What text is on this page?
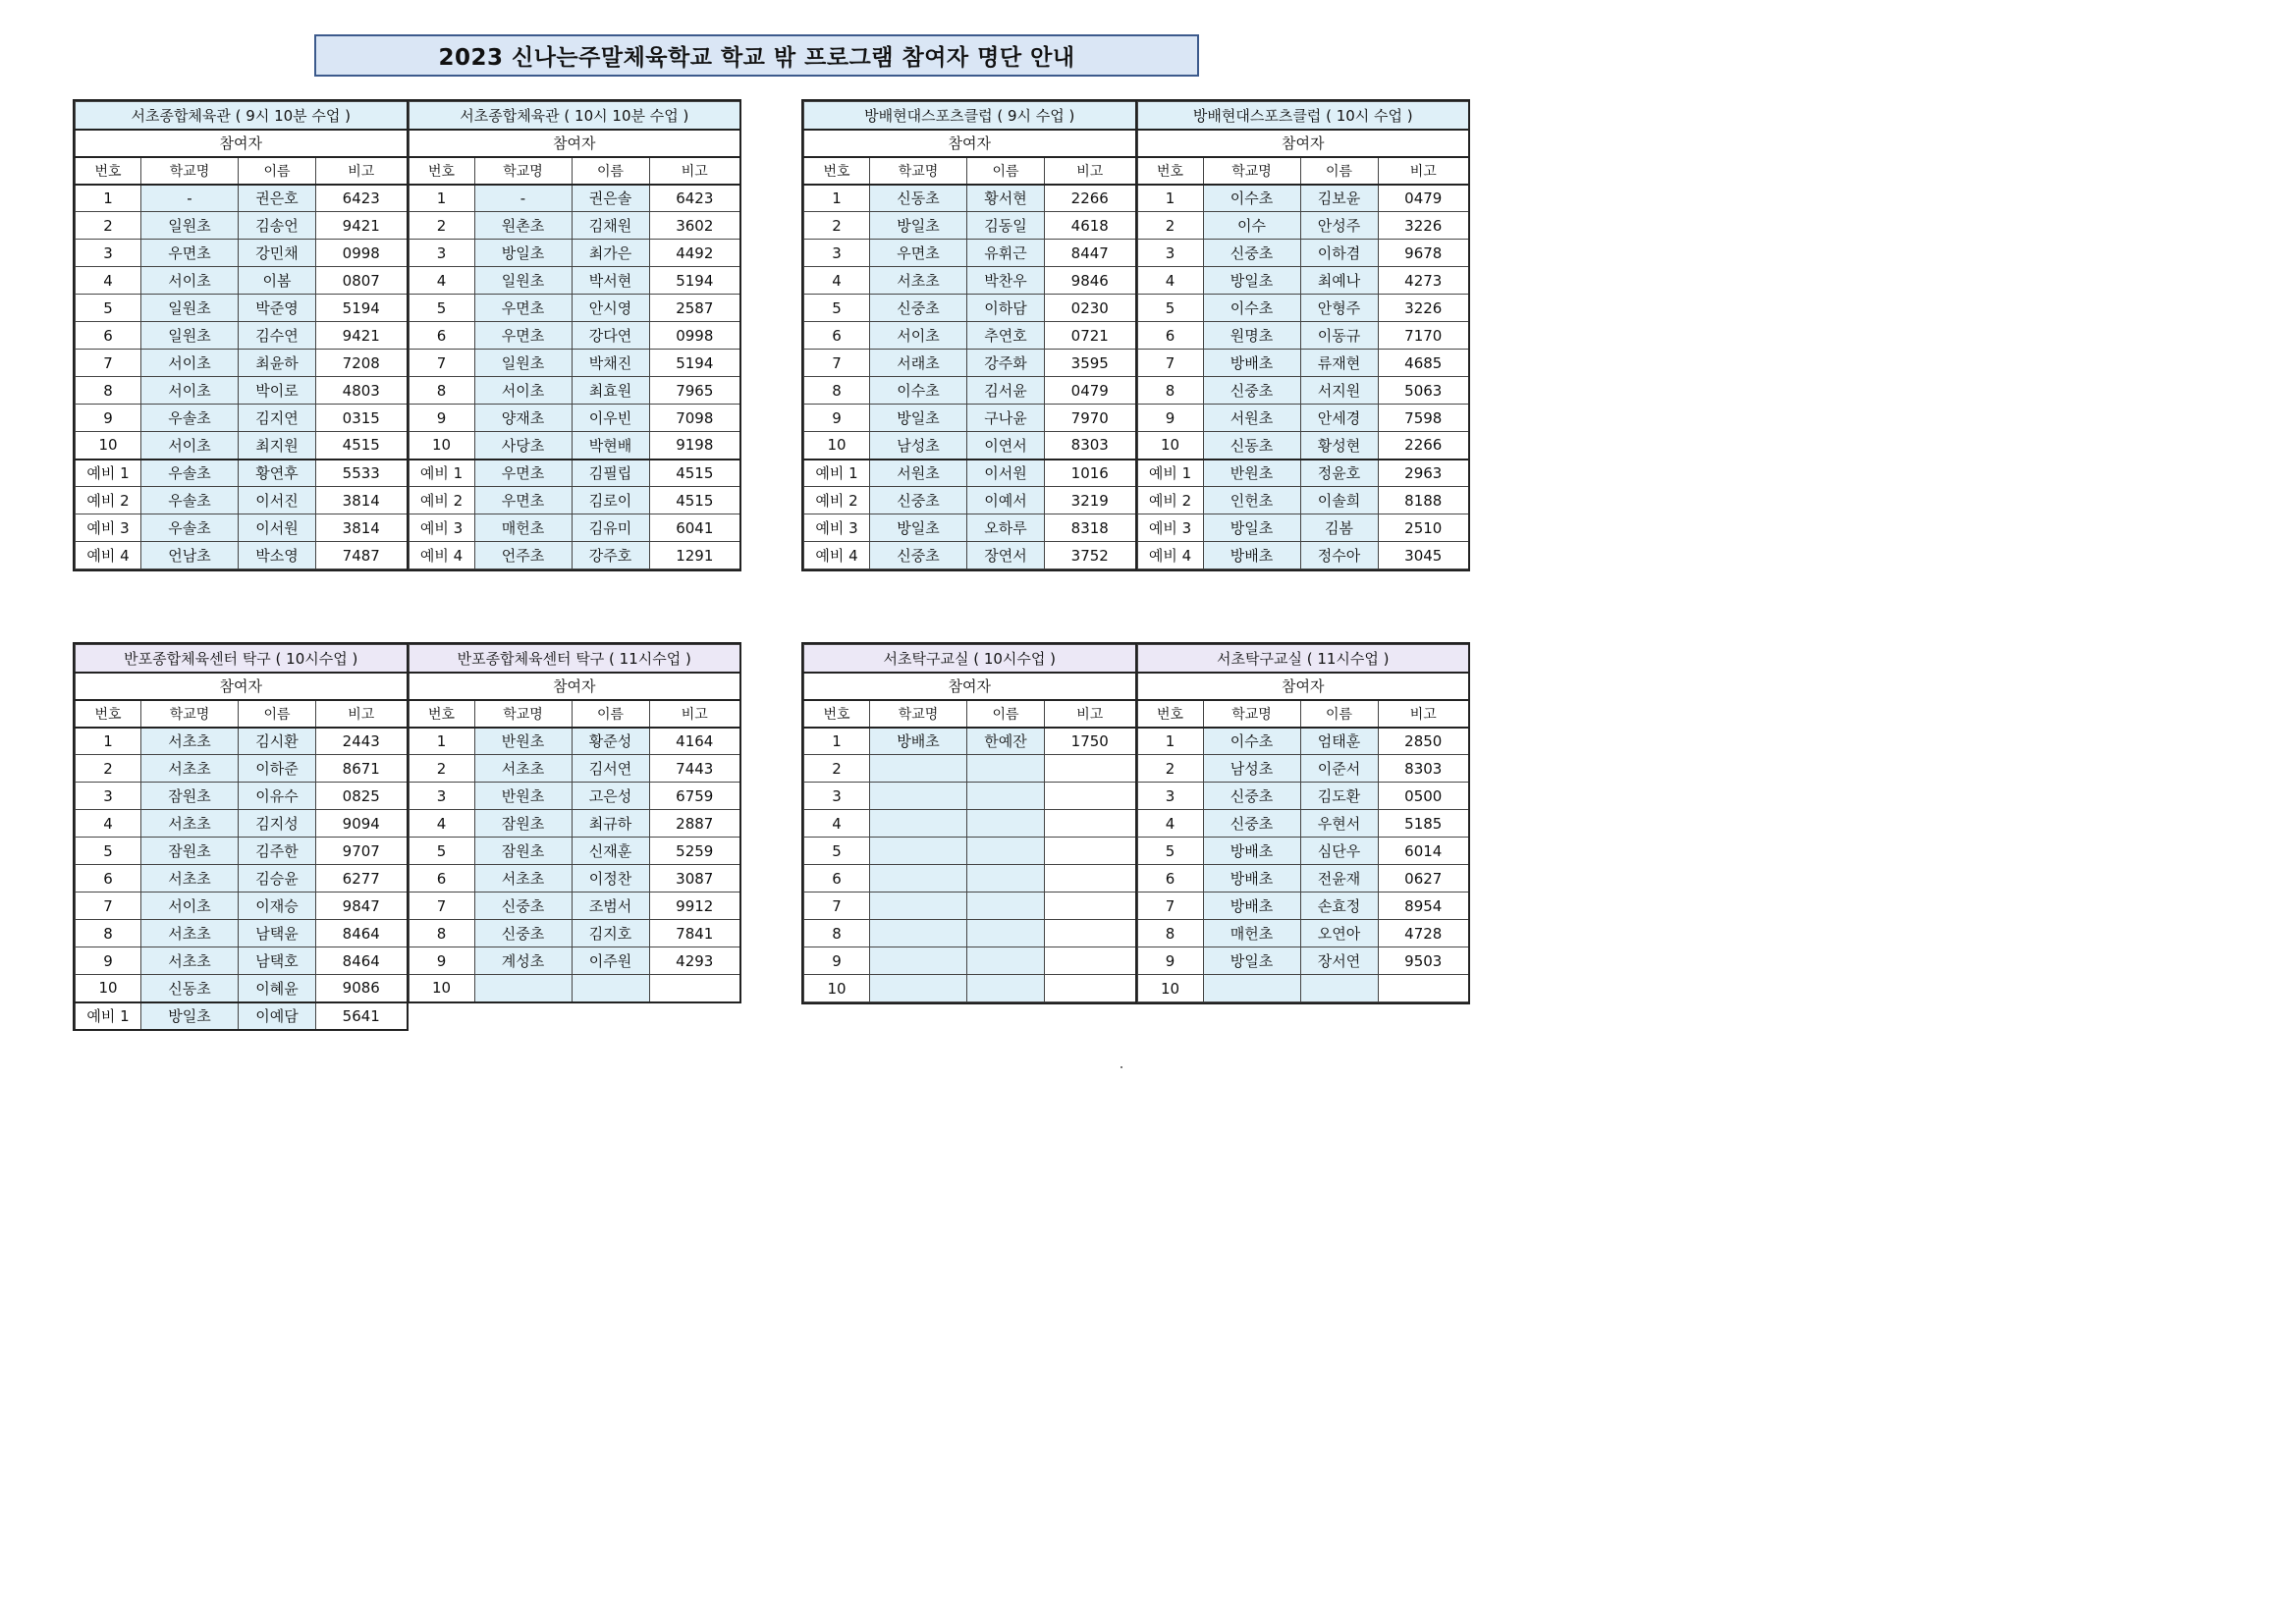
2023 신나는주말체육학교 학교 밖 프로그램 참여자 명단 안내
서초종합체육관 ( 9시 10분 수업 )			
참여자			
번호	학교명	이름	비고
1	-	권은호	6423
2	일원초	김송언	9421
3	우면초	강민채	0998
4	서이초	이봄	0807
5	일원초	박준영	5194
6	일원초	김수연	9421
7	서이초	최윤하	7208
8	서이초	박이로	4803
9	우솔초	김지연	0315
10	서이초	최지원	4515
예비 1	우솔초	황연후	5533
예비 2	우솔초	이서진	3814
예비 3	우솔초	이서원	3814
예비 4	언남초	박소영	7487
서초종합체육관 ( 10시 10분 수업 )			
참여자			
번호	학교명	이름	비고
1	-	권은솔	6423
2	원촌초	김채원	3602
3	방일초	최가은	4492
4	일원초	박서현	5194
5	우면초	안시영	2587
6	우면초	강다연	0998
7	일원초	박채진	5194
8	서이초	최효원	7965
9	양재초	이우빈	7098
10	사당초	박현배	9198
예비 1	우면초	김필립	4515
예비 2	우면초	김로이	4515
예비 3	매헌초	김유미	6041
예비 4	언주초	강주호	1291
방배현대스포츠클럽 ( 9시 수업 )			
참여자			
번호	학교명	이름	비고
1	신동초	황서현	2266
2	방일초	김동일	4618
3	우면초	유휘근	8447
4	서초초	박찬우	9846
5	신중초	이하담	0230
6	서이초	추연호	0721
7	서래초	강주화	3595
8	이수초	김서윤	0479
9	방일초	구나윤	7970
10	남성초	이연서	8303
예비 1	서원초	이서원	1016
예비 2	신중초	이예서	3219
예비 3	방일초	오하루	8318
예비 4	신중초	장연서	3752
방배현대스포츠클럽 ( 10시 수업 )			
참여자			
번호	학교명	이름	비고
1	이수초	김보윤	0479
2	이수	안성주	3226
3	신중초	이하겸	9678
4	방일초	최예나	4273
5	이수초	안형주	3226
6	원명초	이동규	7170
7	방배초	류재현	4685
8	신중초	서지원	5063
9	서원초	안세경	7598
10	신동초	황성현	2266
예비 1	반원초	정윤호	2963
예비 2	인헌초	이솔희	8188
예비 3	방일초	김봄	2510
예비 4	방배초	정수아	3045
반포종합체육센터 탁구 ( 10시수업 )			
참여자			
번호	학교명	이름	비고
1	서초초	김시환	2443
2	서초초	이하준	8671
3	잠원초	이유수	0825
4	서초초	김지성	9094
5	잠원초	김주한	9707
6	서초초	김승윤	6277
7	서이초	이재승	9847
8	서초초	남택윤	8464
9	서초초	남택호	8464
10	신동초	이혜윤	9086
예비 1	방일초	이예담	5641
반포종합체육센터 탁구 ( 11시수업 )			
참여자			
번호	학교명	이름	비고
1	반원초	황준성	4164
2	서초초	김서연	7443
3	반원초	고은성	6759
4	잠원초	최규하	2887
5	잠원초	신재훈	5259
6	서초초	이정찬	3087
7	신중초	조범서	9912
8	신중초	김지호	7841
9	계성초	이주원	4293
10			
서초탁구교실 ( 10시수업 )			
참여자			
번호	학교명	이름	비고
1	방배초	한예잔	1750
2			
3			
4			
5			
6			
7			
8			
9			
10			
서초탁구교실 ( 11시수업 )			
참여자			
번호	학교명	이름	비고
1	이수초	엄태훈	2850
2	남성초	이준서	8303
3	신중초	김도환	0500
4	신중초	우현서	5185
5	방배초	심단우	6014
6	방배초	전윤재	0627
7	방배초	손효정	8954
8	매헌초	오연아	4728
9	방일초	장서연	9503
10			
